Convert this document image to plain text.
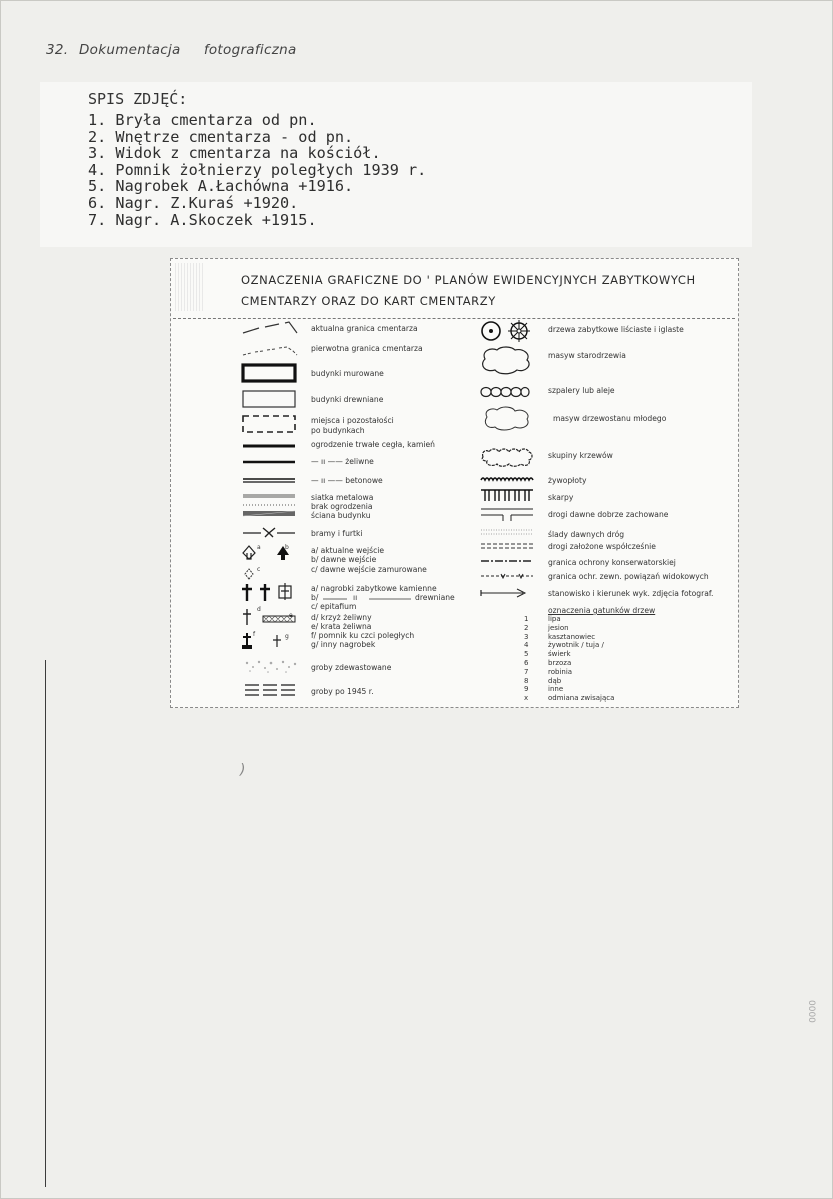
32. Dokumentacja fotograficzna
SPIS ZDJĘĆ:
1. Bryła cmentarza od pn.
2. Wnętrze cmentarza - od pn.
3. Widok z cmentarza na kościół.
4. Pomnik żołnierzy poległych 1939 r.
5. Nagrobek A.Łachówna +1916.
6. Nagr. Z.Kuraś +1920.
7. Nagr. A.Skoczek +1915.
OZNACZENIA GRAFICZNE DO ' PLANÓW EWIDENCYJNYCH ZABYTKOWYCH
CMENTARZY ORAZ DO KART CMENTARZY
aktualna granica cmentarza
pierwotna granica cmentarza
budynki murowane
budynki drewniane
miejsca i pozostałości
po budynkach
ogrodzenie trwałe cegła, kamień
— ıı —— żeliwne
— ıı —— betonowe
siatka metalowa
brak ogrodzenia
ściana budynku
bramy i furtki
a	b
c
a/ aktualne wejście
b/ dawne wejście
c/ dawne wejście zamurowane
a/ nagrobki zabytkowe kamienne
b/	ıı	drewniane
c/ epitafium
d
e d/ krzyż żeliwny
e/ krata żeliwna
f	g	f/ pomnik ku czci poległych
g/ inny nagrobek
groby zdewastowane
groby po 1945 r.
drzewa zabytkowe liściaste i iglaste
masyw starodrzewia
szpalery lub aleje
masyw drzewostanu młodego
skupiny krzewów
żywopłoty
skarpy
drogi dawne dobrze zachowane
ślady dawnych dróg
drogi założone współcześnie
granica ochrony konserwatorskiej
granica ochr. zewn. powiązań widokowych
stanowisko i kierunek wyk. zdjęcia fotograf.
oznaczenia gatunków drzew
1	lipa
2	jesion
3	kasztanowiec
4	żywotnik / tuja /
5	świerk
6	brzoza
7	robinia
8	dąb
9	inne
x	odmiana zwisająca
)
0000
